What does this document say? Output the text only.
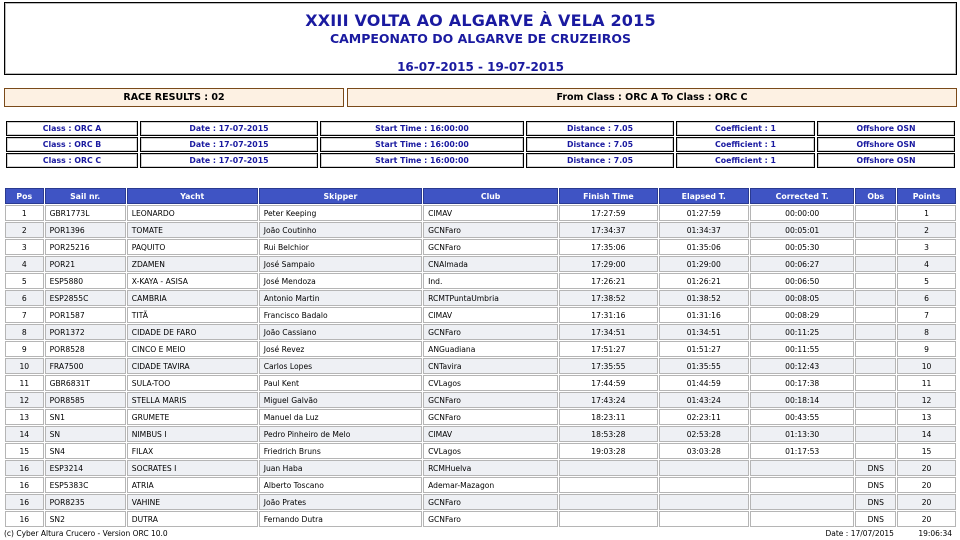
XXIII VOLTA AO ALGARVE À VELA 2015
CAMPEONATO DO ALGARVE DE CRUZEIROS
16-07-2015 - 19-07-2015
RACE RESULTS : 02	From Class : ORC A To Class : ORC C
Class : ORC A	Date : 17-07-2015	Start Time : 16:00:00	Distance : 7.05	Coefficient : 1	Offshore OSN
Class : ORC B	Date : 17-07-2015	Start Time : 16:00:00	Distance : 7.05	Coefficient : 1	Offshore OSN
Class : ORC C	Date : 17-07-2015	Start Time : 16:00:00	Distance : 7.05	Coefficient : 1	Offshore OSN
Pos	Sail nr.	Yacht	Skipper	Club	Finish Time	Elapsed T.	Corrected T.	Obs	Points
1	GBR1773L	LEONARDO	Peter Keeping	CIMAV	17:27:59	01:27:59	00:00:00		1
2	POR1396	TOMATE	João Coutinho	GCNFaro	17:34:37	01:34:37	00:05:01		2
3	POR25216	PAQUITO	Rui Belchior	GCNFaro	17:35:06	01:35:06	00:05:30		3
4	POR21	ZDAMEN	José Sampaio	CNAlmada	17:29:00	01:29:00	00:06:27		4
5	ESP5880	X-KAYA - ASISA	José Mendoza	Ind.	17:26:21	01:26:21	00:06:50		5
6	ESP2855C	CAMBRIA	Antonio Martin	RCMTPuntaUmbria	17:38:52	01:38:52	00:08:05		6
7	POR1587	TITÃ	Francisco Badalo	CIMAV	17:31:16	01:31:16	00:08:29		7
8	POR1372	CIDADE DE FARO	João Cassiano	GCNFaro	17:34:51	01:34:51	00:11:25		8
9	POR8528	CINCO E MEIO	José Revez	ANGuadiana	17:51:27	01:51:27	00:11:55		9
10	FRA7500	CIDADE TAVIRA	Carlos Lopes	CNTavira	17:35:55	01:35:55	00:12:43		10
11	GBR6831T	SULA-TOO	Paul Kent	CVLagos	17:44:59	01:44:59	00:17:38		11
12	POR8585	STELLA MARIS	Miguel Galvão	GCNFaro	17:43:24	01:43:24	00:18:14		12
13	SN1	GRUMETE	Manuel da Luz	GCNFaro	18:23:11	02:23:11	00:43:55		13
14	SN	NIMBUS I	Pedro Pinheiro de Melo	CIMAV	18:53:28	02:53:28	01:13:30		14
15	SN4	FILAX	Friedrich Bruns	CVLagos	19:03:28	03:03:28	01:17:53		15
16	ESP3214	SOCRATES I	Juan Haba	RCMHuelva				DNS	20
16	ESP5383C	ATRIA	Alberto Toscano	Ademar-Mazagon				DNS	20
16	POR8235	VAHINE	João Prates	GCNFaro				DNS	20
16	SN2	DUTRA	Fernando Dutra	GCNFaro				DNS	20
(c) Cyber Altura Crucero - Version ORC 10.0	Date : 17/07/2015	19:06:34
